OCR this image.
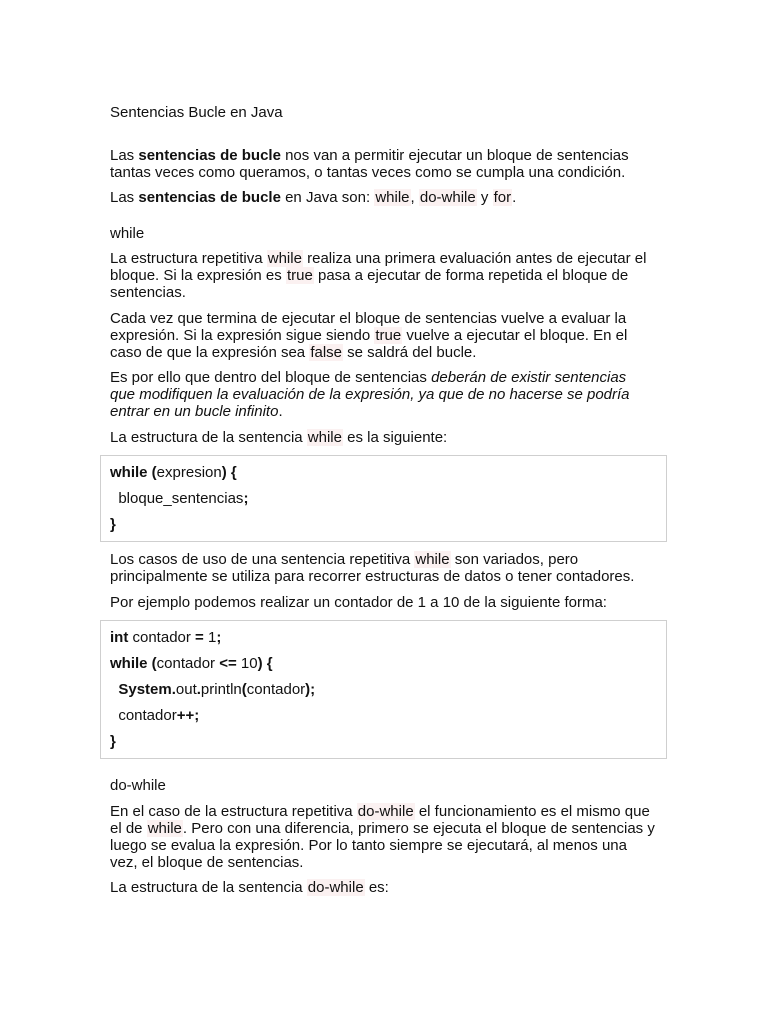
Sentencias Bucle en Java

Las sentencias de bucle nos van a permitir ejecutar un bloque de sentencias tantas veces como queramos, o tantas veces como se cumpla una condición.

Las sentencias de bucle en Java son: while, do-while y for.

while

La estructura repetitiva while realiza una primera evaluación antes de ejecutar el bloque. Si la expresión es true pasa a ejecutar de forma repetida el bloque de sentencias.

Cada vez que termina de ejecutar el bloque de sentencias vuelve a evaluar la expresión. Si la expresión sigue siendo true vuelve a ejecutar el bloque. En el caso de que la expresión sea false se saldrá del bucle.

Es por ello que dentro del bloque de sentencias deberán de existir sentencias que modifiquen la evaluación de la expresión, ya que de no hacerse se podría entrar en un bucle infinito.

La estructura de la sentencia while es la siguiente:

while (expresion) {
bloque_sentencias;
}

Los casos de uso de una sentencia repetitiva while son variados, pero principalmente se utiliza para recorrer estructuras de datos o tener contadores.

Por ejemplo podemos realizar un contador de 1 a 10 de la siguiente forma:

int contador = 1;
while (contador <= 10) {
System.out.println(contador);
contador++;
}

do-while

En el caso de la estructura repetitiva do-while el funcionamiento es el mismo que el de while. Pero con una diferencia, primero se ejecuta el bloque de sentencias y luego se evalua la expresión. Por lo tanto siempre se ejecutará, al menos una vez, el bloque de sentencias.

La estructura de la sentencia do-while es:
